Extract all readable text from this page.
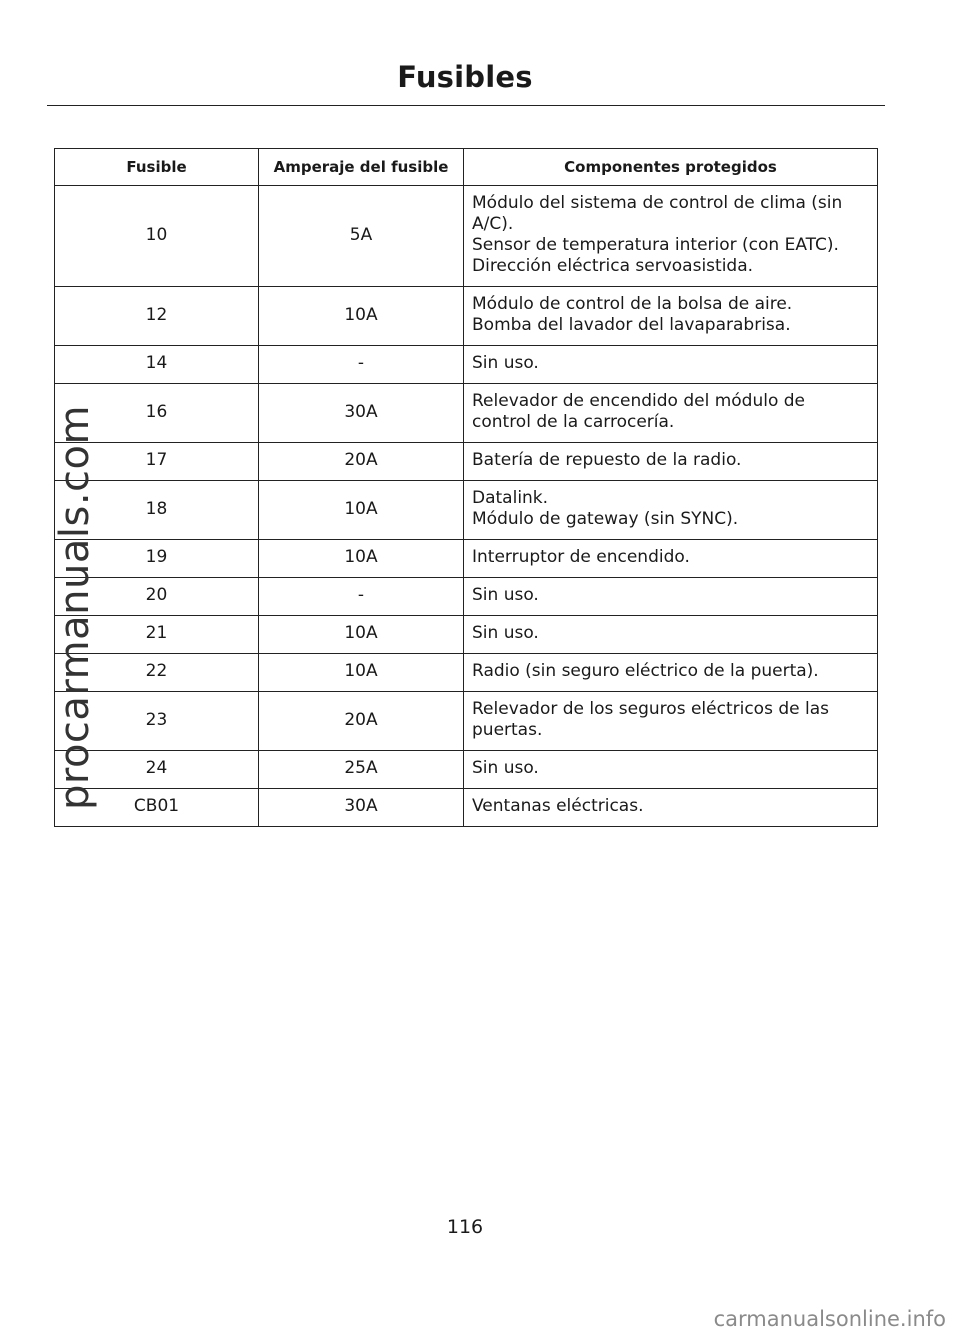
Fusibles
Fusible	Amperaje del fusible	Componentes protegidos
10	5A	Módulo del sistema de control de clima (sin
A/C).
Sensor de temperatura interior (con EATC).
Dirección eléctrica servoasistida.

12	10A	Módulo de control de la bolsa de aire.
Bomba del lavador del lavaparabrisa.

14	-	Sin uso.

16	30A	Relevador de encendido del módulo de
control de la carrocería.

17	20A	Batería de repuesto de la radio.

18	10A	Datalink.
Módulo de gateway (sin SYNC).

19	10A	Interruptor de encendido.

20	-	Sin uso.

21	10A	Sin uso.

22	10A	Radio (sin seguro eléctrico de la puerta).

23	20A	Relevador de los seguros eléctricos de las
puertas.

24	25A	Sin uso.

CB01	30A	Ventanas eléctricas.
procarmanuals.com
116
carmanualsonline.info
